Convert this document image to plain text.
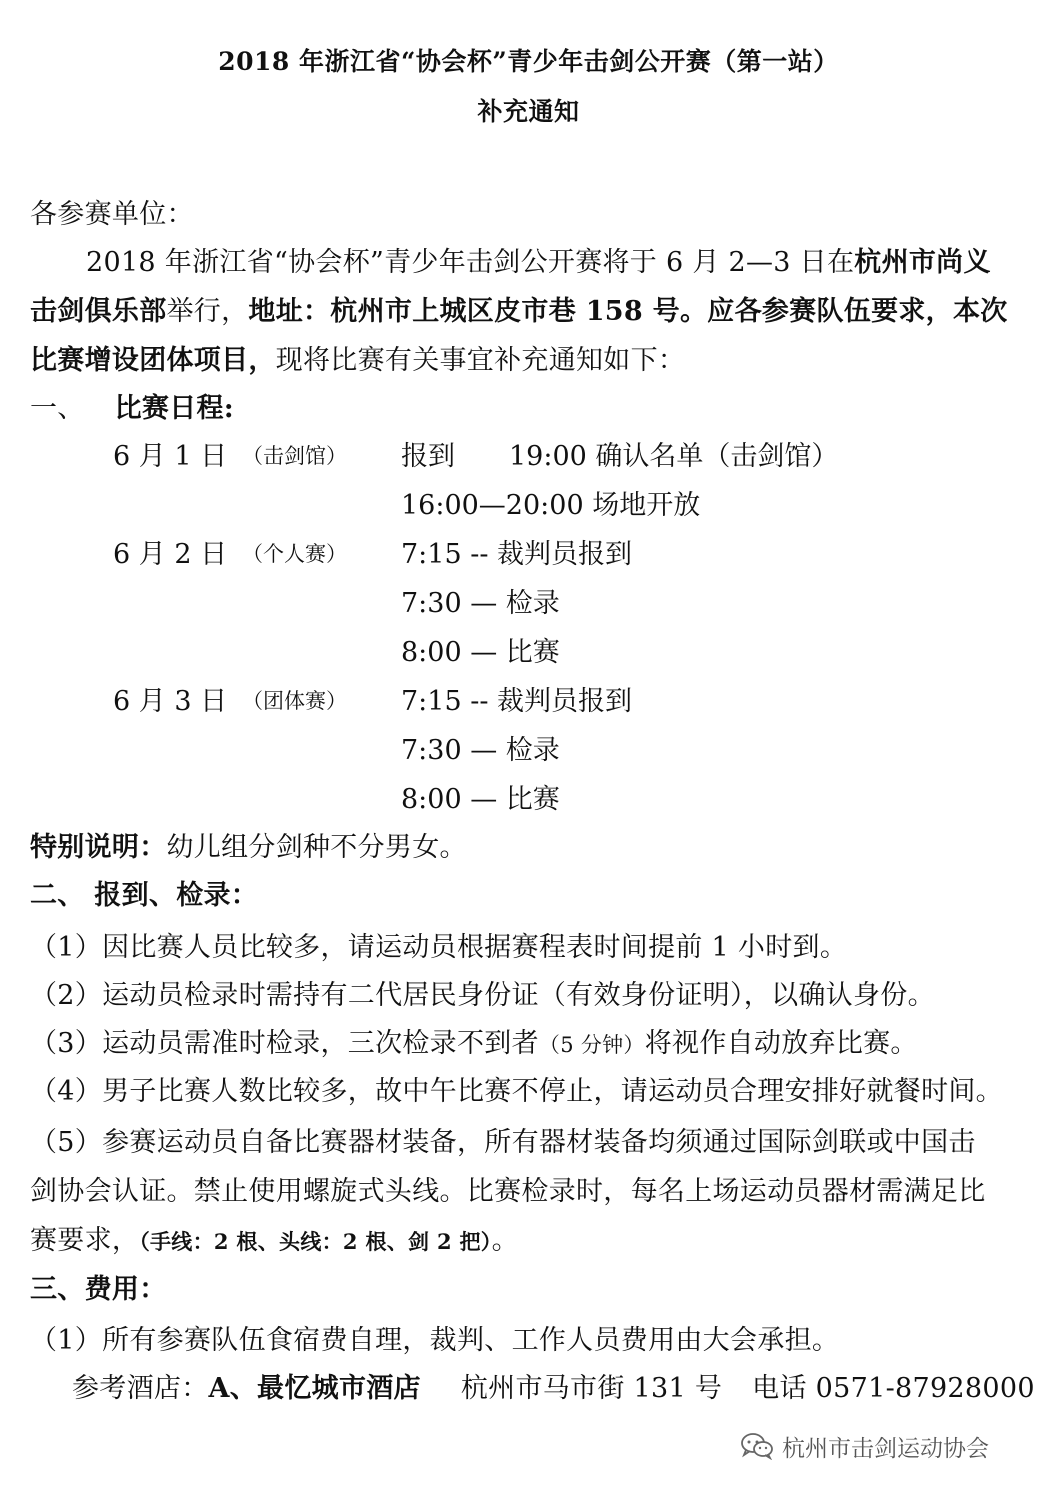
2018 年浙江省“协会杯”青少年击剑公开赛（第一站）
补充通知
各参赛单位：
2018 年浙江省“协会杯”青少年击剑公开赛将于 6 月 2—3 日在杭州市尚义
击剑俱乐部举行，地址：杭州市上城区皮市巷 158 号。应各参赛队伍要求，本次
比赛增设团体项目，现将比赛有关事宜补充通知如下：
一、 比赛日程:
6 月 1 日 （击剑馆） 报到　　19:00 确认名单（击剑馆）
16:00—20:00 场地开放
6 月 2 日 （个人赛） 7:15 -- 裁判员报到
7:30 — 检录
8:00 — 比赛
6 月 3 日 （团体赛） 7:15 -- 裁判员报到
7:30 — 检录
8:00 — 比赛
特别说明：幼儿组分剑种不分男女。
二、 报到、检录：
（1）因比赛人员比较多，请运动员根据赛程表时间提前 1 小时到。
（2）运动员检录时需持有二代居民身份证（有效身份证明），以确认身份。
（3）运动员需准时检录，三次检录不到者（5 分钟）将视作自动放弃比赛。
（4）男子比赛人数比较多，故中午比赛不停止，请运动员合理安排好就餐时间。
（5）参赛运动员自备比赛器材装备，所有器材装备均须通过国际剑联或中国击
剑协会认证。禁止使用螺旋式头线。比赛检录时，每名上场运动员器材需满足比
赛要求，（手线：2 根、头线：2 根、剑 2 把）。
三、费用：
（1）所有参赛队伍食宿费自理，裁判、工作人员费用由大会承担。
参考酒店：A、最忆城市酒店 杭州市马市街 131 号 电话 0571-87928000
杭州市击剑运动协会
